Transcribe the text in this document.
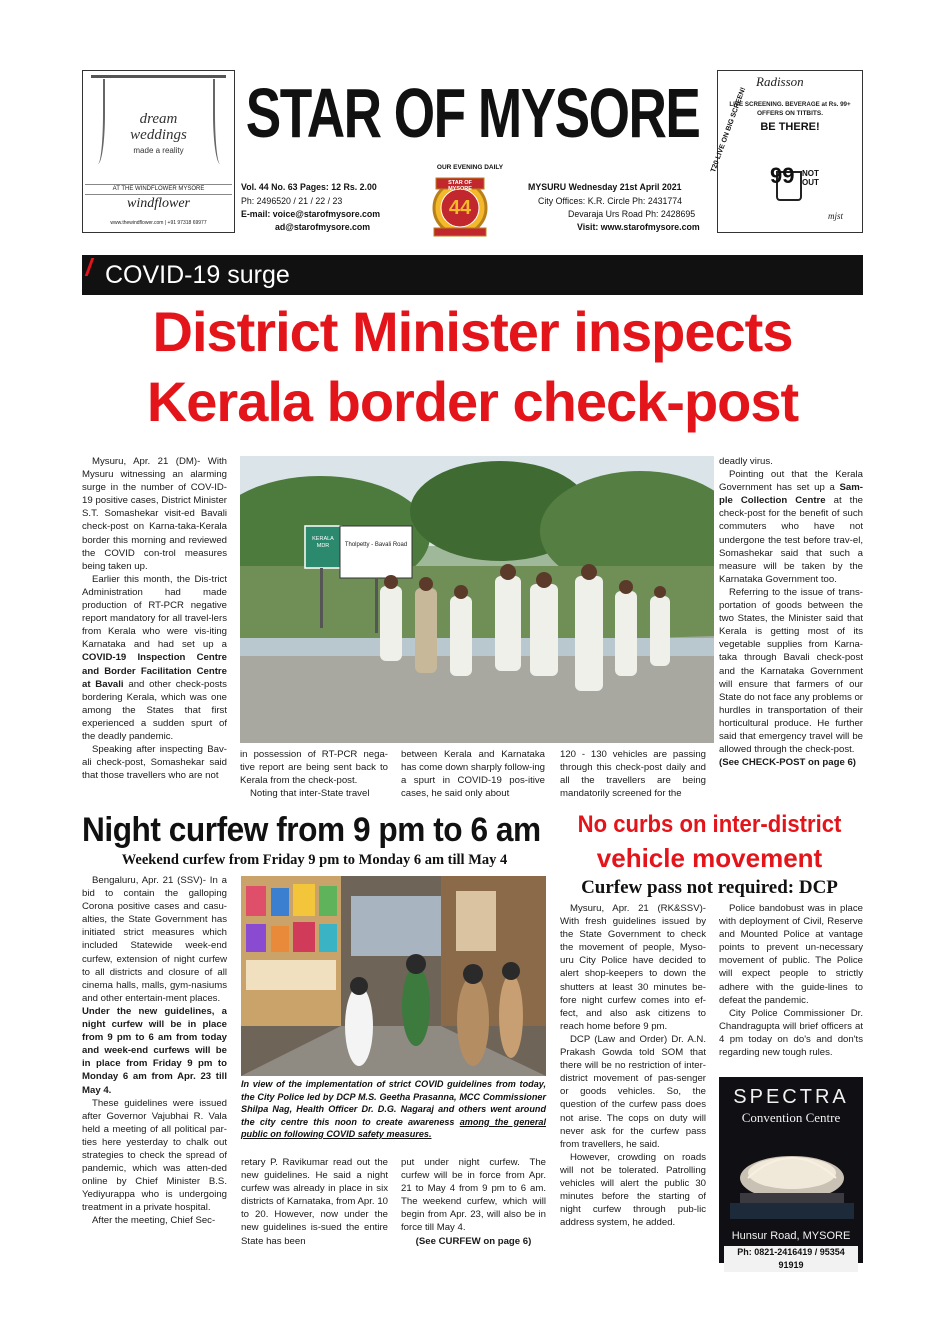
dream
weddings
made a reality
AT THE WINDFLOWER MYSORE
windflower
www.thewindflower.com | +91 97318 69977
STAR OF MYSORE
OUR EVENING DAILY
Vol. 44 No. 63 Pages: 12 Rs. 2.00
Ph: 2496520 / 21 / 22 / 23
E-mail: voice@starofmysore.com
ad@starofmysore.com
STAR OF MYSORE
44
MYSURU Wednesday 21st April 2021
City Offices: K.R. Circle Ph: 2431774
Devaraja Urs Road Ph: 2428695
Visit: www.starofmysore.com
Radisson
LIVE SCREENING. BEVERAGE at Rs. 99+
OFFERS ON TITBITS.
BE THERE!
T20 LIVE ON BIG SCREEN!
99 NOT OUT
mjst
COVID-19 surge
District Minister inspects
Kerala border check-post
KERALA MDR	Tholpetty - Bavali Road

Mysuru, Apr. 21 (DM)- With Mysuru witnessing an alarming surge in the number of COV-ID-19 positive cases, District Minister S.T. Somashekar visit-ed Bavali check-post on Karna-taka-Kerala border this morning and reviewed the COVID con-trol measures being taken up.

Earlier this month, the Dis-trict Administration had made production of RT-PCR negative report mandatory for all travel-lers from Kerala who were vis-iting Karnataka and had set up a COVID-19 Inspection Centre and Border Facilitation Centre at Bavali and other check-posts bordering Kerala, which was one among the States that first experienced a sudden spurt of the deadly pandemic.

Speaking after inspecting Bav-ali check-post, Somashekar said that those travellers who are not

in possession of RT-PCR nega-tive report are being sent back to Kerala from the check-post.

Noting that inter-State travel

between Kerala and Karnataka has come down sharply follow-ing a spurt in COVID-19 pos-itive cases, he said only about

120 - 130 vehicles are passing through this check-post daily and all the travellers are being mandatorily screened for the

deadly virus.

Pointing out that the Kerala Government has set up a Sam-ple Collection Centre at the check-post for the benefit of such commuters who have not undergone the test before trav-el, Somashekar said that such a measure will be taken by the Karnataka Government too.

Referring to the issue of trans-portation of goods between the two States, the Minister said that Kerala is getting most of its vegetable supplies from Karna-taka through Bavali check-post and the Karnataka Government will ensure that farmers of our State do not face any problems or hurdles in transportation of their horticultural produce. He further said that emergency travel will be allowed through the check-post.

(See CHECK-POST on page 6)

Night curfew from 9 pm to 6 am
Weekend curfew from Friday 9 pm to Monday 6 am till May 4

Bengaluru, Apr. 21 (SSV)- In a bid to contain the galloping Corona positive cases and casu-alties, the State Government has initiated strict measures which included Statewide week-end curfew, extension of night curfew to all districts and closure of all cinema halls, malls, gym-nasiums and other entertain-ment places.

Under the new guidelines, a night curfew will be in place from 9 pm to 6 am from today and week-end curfews will be in place from Friday 9 pm to Monday 6 am from Apr. 23 till May 4.

These guidelines were issued after Governor Vajubhai R. Vala held a meeting of all political par-ties here yesterday to chalk out strategies to check the spread of pandemic, which was atten-ded online by Chief Minister B.S. Yediyurappa who is undergoing treatment in a private hospital.

After the meeting, Chief Sec-

In view of the implementation of strict COVID guidelines from today, the City Police led by DCP M.S. Geetha Prasanna, MCC Commissioner Shilpa Nag, Health Officer Dr. D.G. Nagaraj and others went around the city centre this noon to create awareness among the general public on following COVID safety measures.

retary P. Ravikumar read out the new guidelines. He said a night curfew was already in place in six districts of Karnataka, from Apr. 10 to 20. However, now under the new guidelines is-sued the entire State has been

put under night curfew. The curfew will be in force from Apr. 21 to May 4 from 9 pm to 6 am. The weekend curfew, which will begin from Apr. 23, will also be in force till May 4.

(See CURFEW on page 6)

No curbs on inter-district
vehicle movement
Curfew pass not required: DCP

Mysuru, Apr. 21 (RK&SSV)- With fresh guidelines issued by the State Government to check the movement of people, Myso-uru City Police have decided to alert shop-keepers to down the shutters at least 30 minutes be-fore night curfew comes into ef-fect, and also ask citizens to reach home before 9 pm.

DCP (Law and Order) Dr. A.N. Prakash Gowda told SOM that there will be no restriction of inter-district movement of pas-senger or goods vehicles. So, the question of the curfew pass does not arise. The cops on duty will never ask for the curfew pass from travellers, he said.

However, crowding on roads will not be tolerated. Patrolling vehicles will alert the public 30 minutes before the starting of night curfew through pub-lic address system, he added.

Police bandobust was in place with deployment of Civil, Reserve and Mounted Police at vantage points to prevent un-necessary movement of public. The Police will expect people to strictly adhere with the guide-lines to defeat the pandemic.

City Police Commissioner Dr. Chandragupta will brief officers at 4 pm today on do's and don'ts regarding new tough rules.

SPECTRA
Convention Centre
Hunsur Road, MYSORE
Ph: 0821-2416419 / 95354 91919
